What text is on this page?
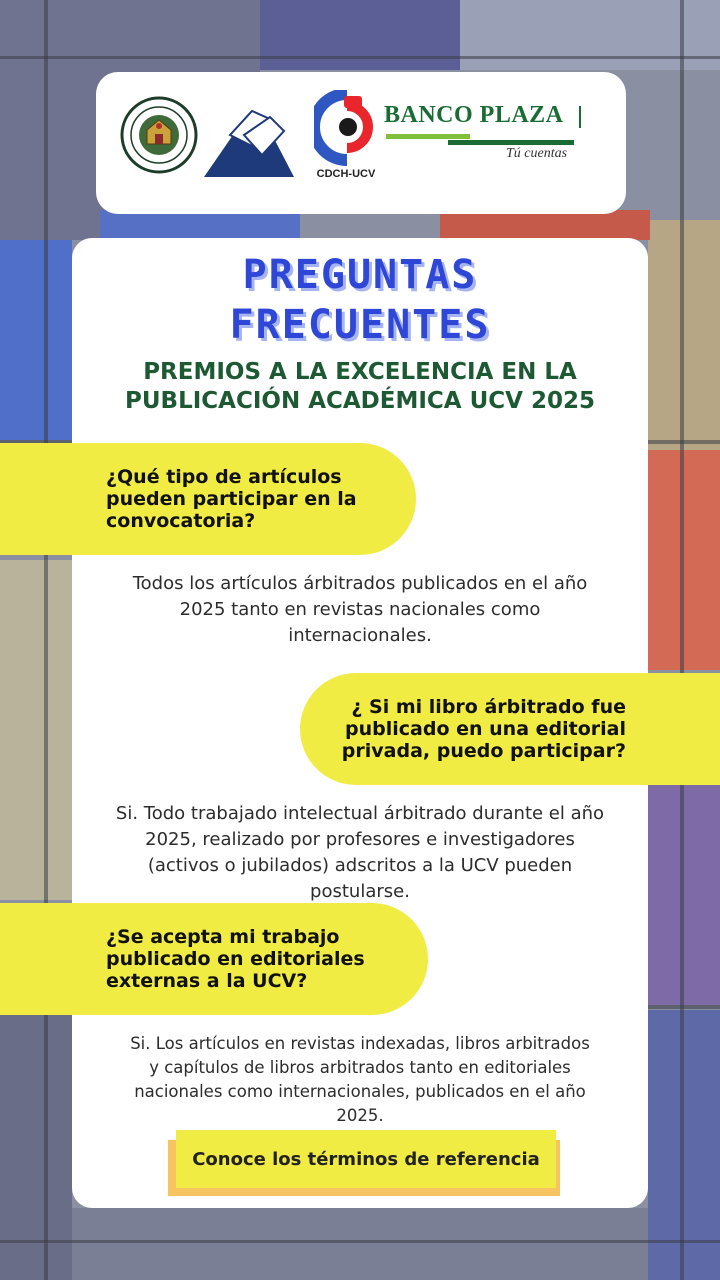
VRAC UCV	CDCH-UCV
BANCO PLAZA
Tú cuentas
PREGUNTAS FRECUENTES
PREMIOS A LA EXCELENCIA EN LA PUBLICACIÓN ACADÉMICA UCV 2025
¿Qué tipo de artículos pueden participar en la convocatoria?
Todos los artículos árbitrados publicados en el año 2025 tanto en revistas nacionales como internacionales.
¿ Si mi libro árbitrado fue publicado en una editorial privada, puedo participar?
Si. Todo trabajado intelectual árbitrado durante el año 2025, realizado por profesores e investigadores (activos o jubilados) adscritos a la UCV pueden postularse.
¿Se acepta mi trabajo publicado en editoriales externas a la UCV?
Si. Los artículos en revistas indexadas, libros arbitrados y capítulos de libros arbitrados tanto en editoriales nacionales como internacionales, publicados en el año 2025.
Conoce los términos de referencia
